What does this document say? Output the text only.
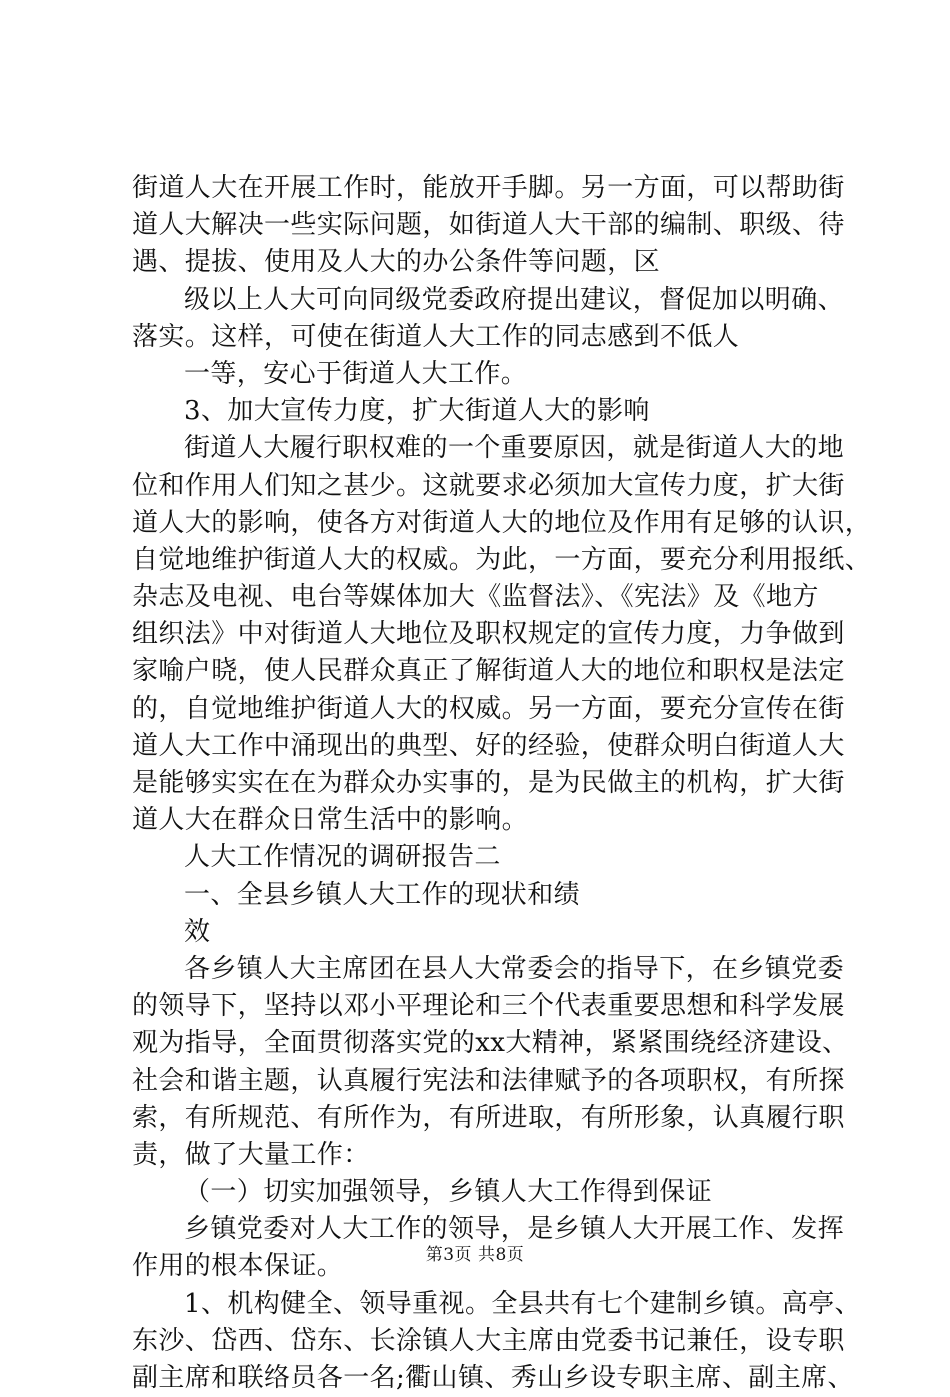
街道人大在开展工作时，能放开手脚。另一方面，可以帮助街
道人大解决一些实际问题，如街道人大干部的编制、职级、待
遇、提拔、使用及人大的办公条件等问题，区
级以上人大可向同级党委政府提出建议，督促加以明确、
落实。这样，可使在街道人大工作的同志感到不低人
一等，安心于街道人大工作。
3、加大宣传力度，扩大街道人大的影响
街道人大履行职权难的一个重要原因，就是街道人大的地
位和作用人们知之甚少。这就要求必须加大宣传力度，扩大街
道人大的影响，使各方对街道人大的地位及作用有足够的认识，
自觉地维护街道人大的权威。为此，一方面，要充分利用报纸、
杂志及电视、电台等媒体加大《监督法》、《宪法》及《地方
组织法》中对街道人大地位及职权规定的宣传力度，力争做到
家喻户晓，使人民群众真正了解街道人大的地位和职权是法定
的，自觉地维护街道人大的权威。另一方面，要充分宣传在街
道人大工作中涌现出的典型、好的经验，使群众明白街道人大
是能够实实在在为群众办实事的，是为民做主的机构，扩大街
道人大在群众日常生活中的影响。
人大工作情况的调研报告二
一、全县乡镇人大工作的现状和绩
效
各乡镇人大主席团在县人大常委会的指导下，在乡镇党委
的领导下，坚持以邓小平理论和三个代表重要思想和科学发展
观为指导，全面贯彻落实党的xx大精神，紧紧围绕经济建设、
社会和谐主题，认真履行宪法和法律赋予的各项职权，有所探
索，有所规范、有所作为，有所进取，有所形象，认真履行职
责，做了大量工作：
（一）切实加强领导，乡镇人大工作得到保证
乡镇党委对人大工作的领导，是乡镇人大开展工作、发挥
作用的根本保证。
1、机构健全、领导重视。全县共有七个建制乡镇。高亭、
东沙、岱西、岱东、长涂镇人大主席由党委书记兼任，设专职
副主席和联络员各一名;衢山镇、秀山乡设专职主席、副主席、
第3页 共8页
